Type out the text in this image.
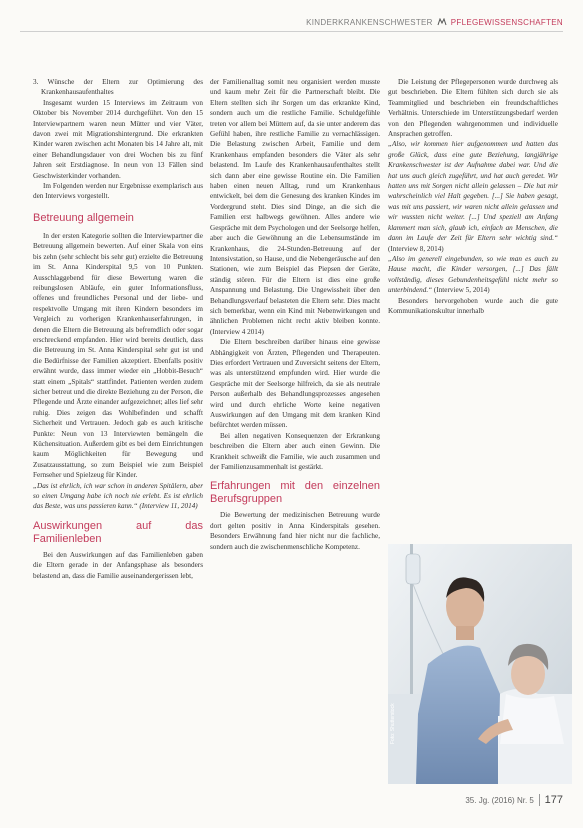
KINDERKRANKENSCHWESTER PFLEGEWISSENSCHAFTEN

3. Wünsche der Eltern zur Optimierung des Krankenhausaufenthaltes

Insgesamt wurden 15 Interviews im Zeitraum von Oktober bis November 2014 durchgeführt. Von den 15 Interviewpartnern waren neun Mütter und vier Väter, davon zwei mit Migrationshintergrund. Die erkrankten Kinder waren zwischen acht Monaten bis 14 Jahre alt, mit einer Behandlungsdauer von drei Wochen bis zu fünf Jahren seit Erstdiagnose. In neun von 13 Fällen sind Geschwisterkinder vorhanden.

Im Folgenden werden nur Ergebnisse exemplarisch aus den Interviews vorgestellt.

Betreuung allgemein

In der ersten Kategorie sollten die Interviewpartner die Betreuung allgemein bewerten. Auf einer Skala von eins bis zehn (sehr schlecht bis sehr gut) erzielte die Betreuung im St. Anna Kinderspital 9,5 von 10 Punkten. Ausschlaggebend für diese Bewertung waren die reibungslosen Abläufe, ein guter Informationsfluss, offenes und freundliches Personal und der liebe- und respektvolle Umgang mit ihren Kindern besonders im Vergleich zu vorherigen Krankenhauserfahrungen, in denen die Eltern die Betreuung als befremdlich oder sogar erschreckend empfanden. Hier wird bereits deutlich, dass die Betreuung im St. Anna Kinderspital sehr gut ist und die Bedürfnisse der Familien akzeptiert. Ebenfalls positiv erwähnt wurde, dass immer wieder ein „Hobbit-Besuch“ statt einem „Spitals“ stattfindet. Patienten werden zudem sicher betreut und die direkte Beziehung zu der Person, die Pflegende und Ärzte einander aufgezeichnet; alles lief sehr ruhig. Dies zeigen das Wohlbefinden und schafft Sicherheit und Vertrauen. Jedoch gab es auch kritische Punkte: Neun von 13 Interviewten bemängeln die Küchensituation. Außerdem gibt es bei dem Einrichtungen kaum Möglichkeiten für Bewegung und Zusatzausstattung, so zum Beispiel wie zum Beispiel Fernseher und Spielzeug für Kinder.

„Das ist ehrlich, ich war schon in anderen Spitälern, aber so einen Umgang habe ich noch nie erlebt. Es ist ehrlich das Beste, was uns passieren kann.“ (Interview 11, 2014)

Auswirkungen auf das Familienleben

Bei den Auswirkungen auf das Familienleben gaben die Eltern gerade in der Anfangsphase als besonders belastend an, dass die Familie auseinandergerissen lebt,

der Familienalltag somit neu organisiert werden musste und kaum mehr Zeit für die Partnerschaft bleibt. Die Eltern stellten sich ihr Sorgen um das erkrankte Kind, sondern auch um die restliche Familie. Schuldgefühle treten vor allem bei Müttern auf, da sie unter anderem das Gefühl haben, ihre restliche Familie zu vernachlässigen. Die Belastung zwischen Arbeit, Familie und dem Krankenhaus empfanden besonders die Väter als sehr belastend. Im Laufe des Krankenhausaufenthaltes stellt sich dann aber eine gewisse Routine ein. Die Familien haben einen neuen Alltag, rund um Krankenhaus entwickelt, bei dem die Genesung des kranken Kindes im Vordergrund steht. Dies sind Dinge, an die sich die Familien erst halbwegs gewöhnen. Alles andere wie Gespräche mit dem Psychologen und der Seelsorge helfen, aber auch die Gewöhnung an die Lebensumstände im Krankenhaus, die 24-Stunden-Betreuung auf der Intensivstation, so Hause, und die Nebengeräusche auf den Stationen, wie zum Beispiel das Piepsen der Geräte, ständig stören. Für die Eltern ist dies eine große Anspannung und Belastung. Die Ungewissheit über den Behandlungsverlauf belasteten die Eltern sehr. Dies macht sich bemerkbar, wenn ein Kind mit Nebenwirkungen und ähnlichen Problemen nicht recht aktiv bleiben konnte. (Interview 4 2014)

Die Eltern beschreiben darüber hinaus eine gewisse Abhängigkeit von Ärzten, Pflegenden und Therapeuten. Dies erfordert Vertrauen und Zuversicht seitens der Eltern, was als unterstützend empfunden wird. Hier wurde die Gespräche mit der Seelsorge hilfreich, da sie als neutrale Person außerhalb des Behandlungsprozesses angesehen wird und durch ehrliche Worte keine negativen Auswirkungen auf den Umgang mit dem kranken Kind befürchtet werden müssen.

Bei allen negativen Konsequenzen der Erkrankung beschreiben die Eltern aber auch einen Gewinn. Die Krankheit schweißt die Familie, wie auch zusammen und der Familienzusammenhalt ist gestärkt.

Erfahrungen mit den einzelnen Berufsgruppen

Die Bewertung der medizinischen Betreuung wurde dort gelten positiv in Anna Kinderspitals gesehen. Besonders Erwähnung fand hier nicht nur die fachliche, sondern auch die zwischenmenschliche Kompetenz.

Die Leistung der Pflegepersonen wurde durchweg als gut beschrieben. Die Eltern fühlten sich durch sie als Teammitglied und beschrieben ein freundschaftliches Verhältnis. Unterschiede im Unterstützungsbedarf werden von den Pflegenden wahrgenommen und individuelle Ansprachen getroffen.

„Also, wir kommen hier aufgenommen und hatten das große Glück, dass eine gute Beziehung, langjährige Krankenschwester ist der Aufnahme dabei war. Und die hat uns auch gleich zugeführt, und hat auch geredet. Wir hatten uns mit Sorgen nicht allein gelassen – Die hat mir wahrscheinlich viel Halt gegeben. [...] Sie haben gesagt, was mit uns passiert, wir waren nicht allein gelassen und wir wussten nicht weiter. [...] Und speziell am Anfang klammert man sich, glaub ich, einfach an Menschen, die dann im Laufe der Zeit für Eltern sehr wichtig sind.“ (Interview 8, 2014)

„Also im generell eingebunden, so wie man es auch zu Hause macht, die Kinder versorgen, [...] Das fällt vollständig, dieses Gebundenheitsgefühl nicht mehr so unterbindend.“ (Interview 5, 2014)

Besonders hervorgehoben wurde auch die gute Kommunikationskultur innerhalb

Foto: Shutterstock
35. Jg. (2016) Nr. 5 177
